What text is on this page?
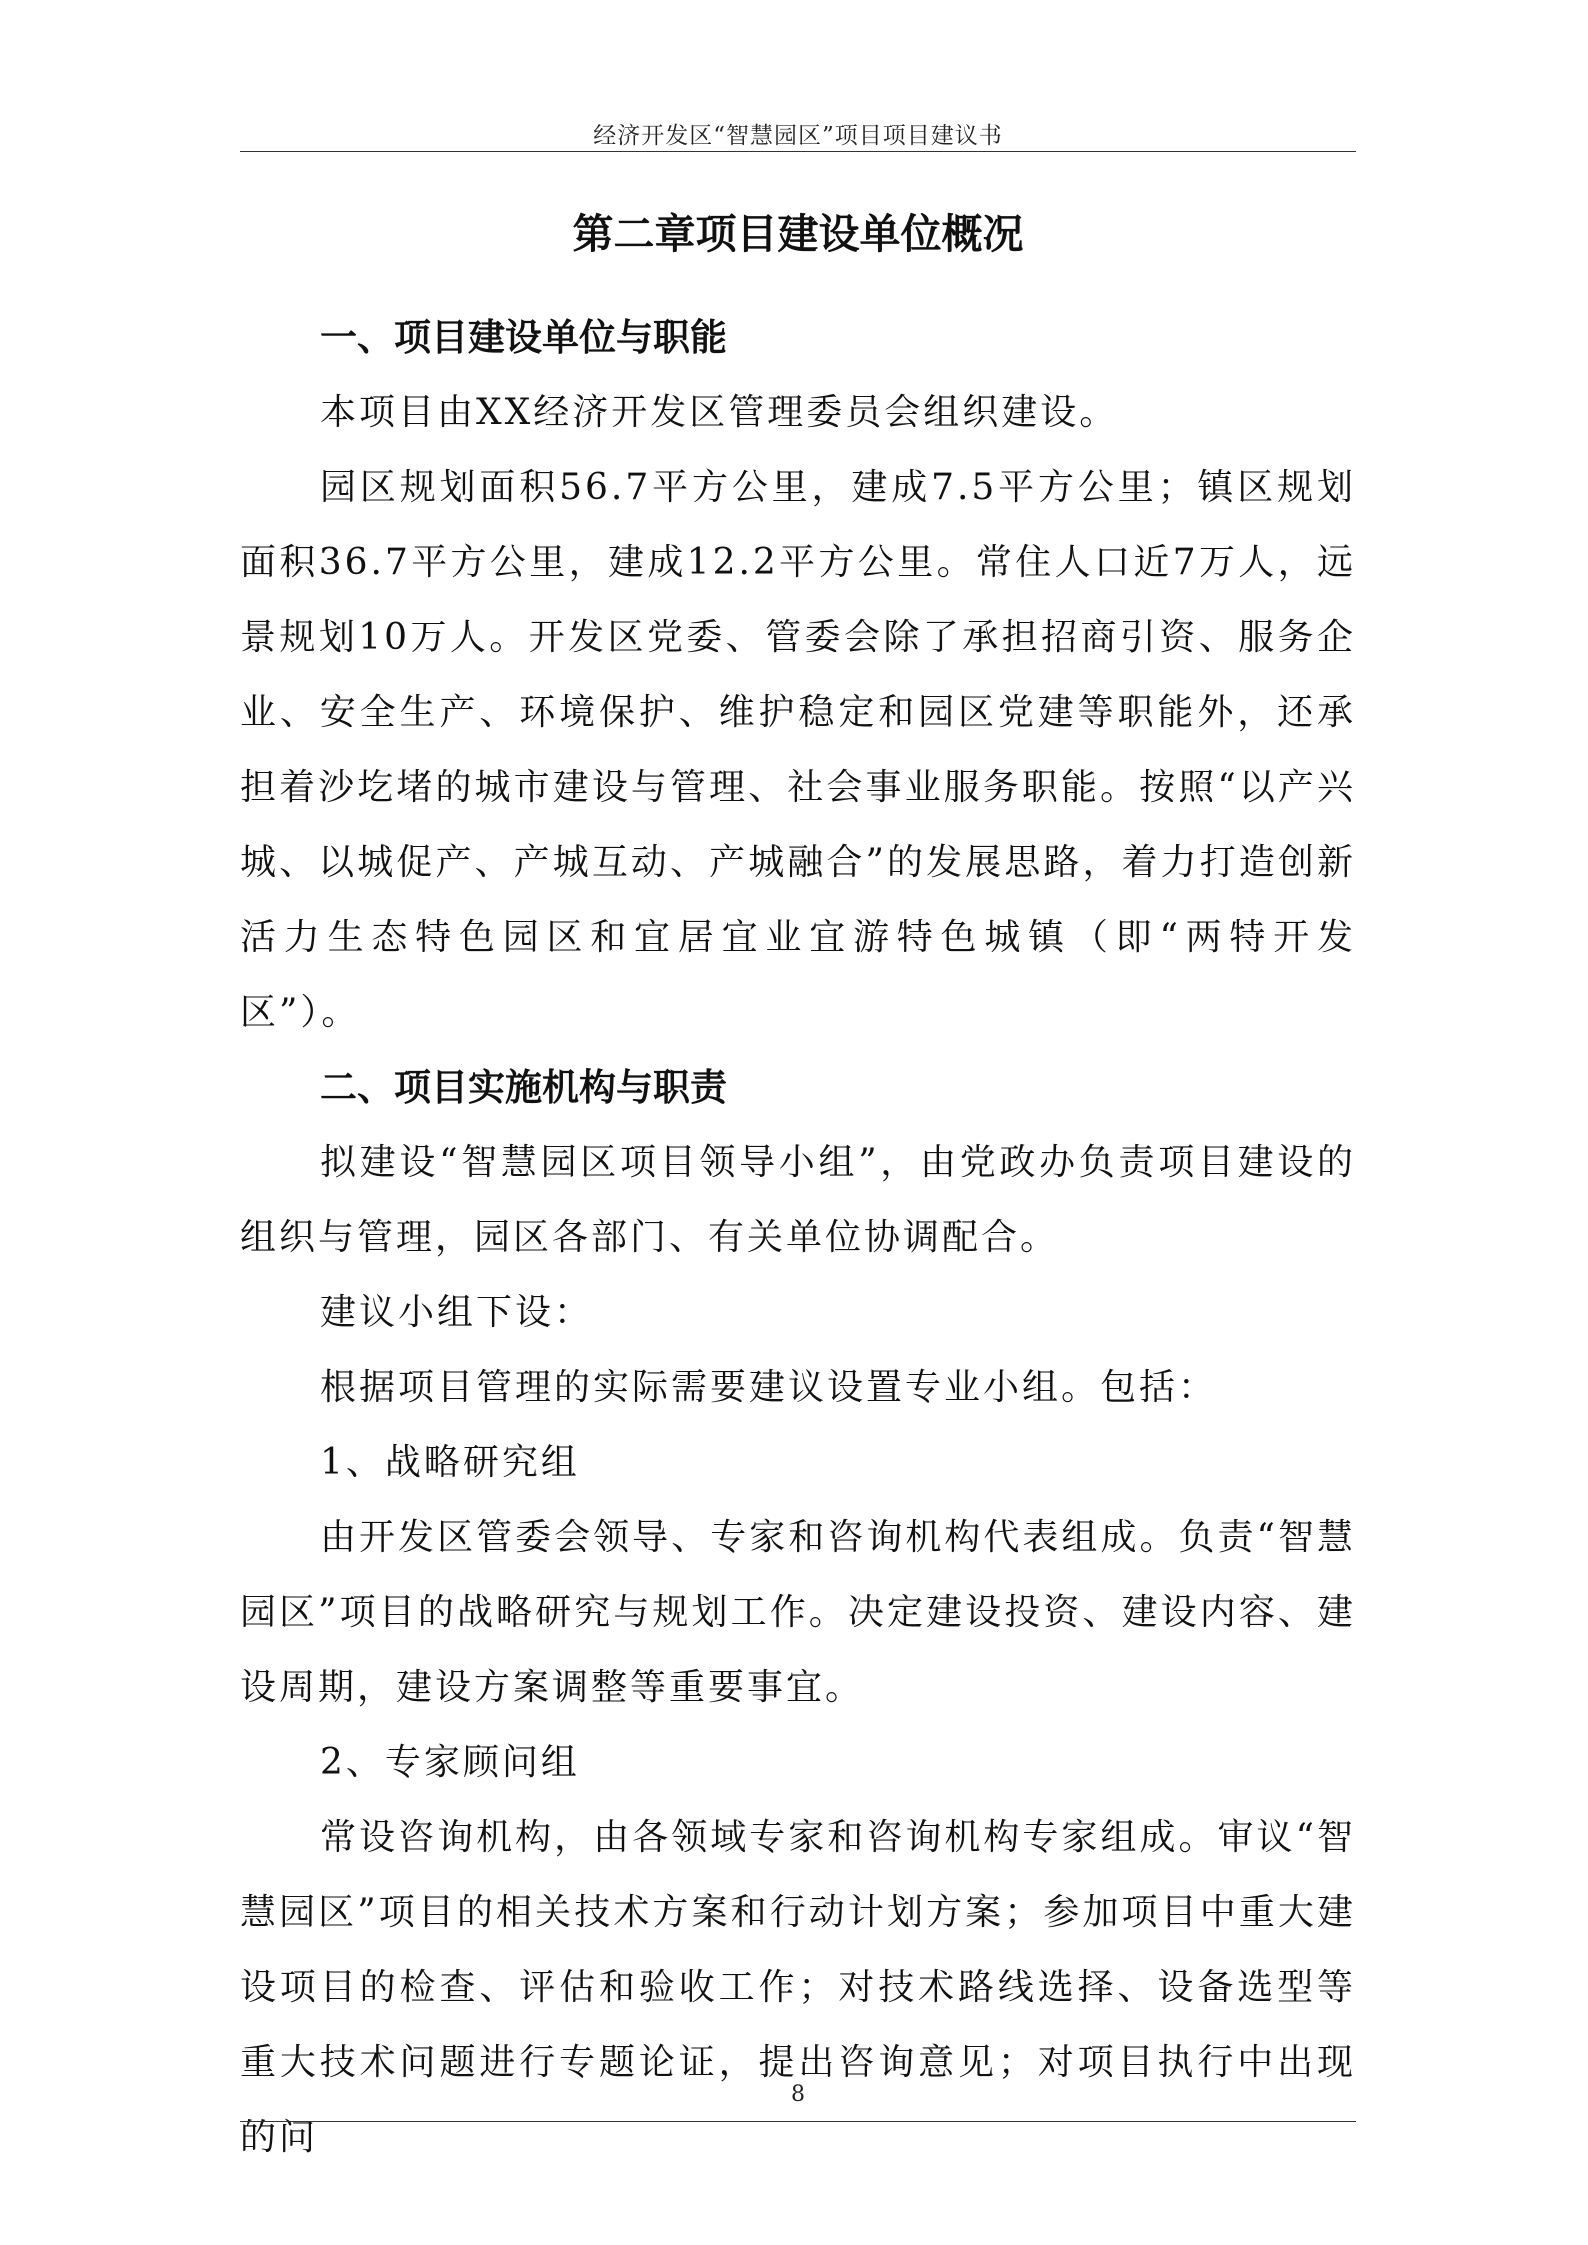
经济开发区“智慧园区”项目项目建议书
第二章项目建设单位概况
一、项目建设单位与职能

本项目由XX经济开发区管理委员会组织建设。

园区规划面积56.7平方公里，建成7.5平方公里；镇区规划面积36.7平方公里，建成12.2平方公里。常住人口近7万人，远景规划10万人。开发区党委、管委会除了承担招商引资、服务企业、安全生产、环境保护、维护稳定和园区党建等职能外，还承担着沙圪堵的城市建设与管理、社会事业服务职能。按照“以产兴城、以城促产、产城互动、产城融合”的发展思路，着力打造创新活力生态特色园区和宜居宜业宜游特色城镇（即“两特开发区”）。

二、项目实施机构与职责

拟建设“智慧园区项目领导小组”，由党政办负责项目建设的组织与管理，园区各部门、有关单位协调配合。

建议小组下设：

根据项目管理的实际需要建议设置专业小组。包括：

1、战略研究组

由开发区管委会领导、专家和咨询机构代表组成。负责“智慧园区”项目的战略研究与规划工作。决定建设投资、建设内容、建设周期，建设方案调整等重要事宜。

2、专家顾问组

常设咨询机构，由各领域专家和咨询机构专家组成。审议“智慧园区”项目的相关技术方案和行动计划方案；参加项目中重大建设项目的检查、评估和验收工作；对技术路线选择、设备选型等重大技术问题进行专题论证，提出咨询意见；对项目执行中出现的问

8
